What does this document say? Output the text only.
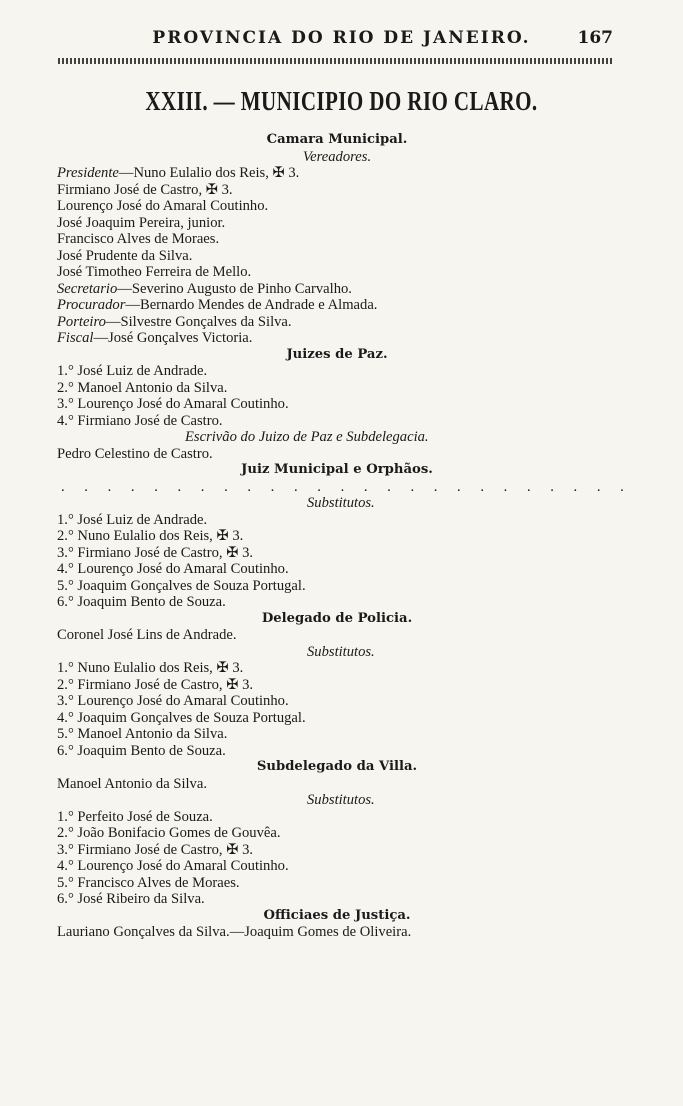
PROVINCIA DO RIO DE JANEIRO.	167
XXIII. — MUNICIPIO DO RIO CLARO.
Camara Municipal.
Vereadores.
Presidente—Nuno Eulalio dos Reis, ✠ 3.
Firmiano José de Castro, ✠ 3.
Lourenço José do Amaral Coutinho.
José Joaquim Pereira, junior.
Francisco Alves de Moraes.
José Prudente da Silva.
José Timotheo Ferreira de Mello.
Secretario—Severino Augusto de Pinho Carvalho.
Procurador—Bernardo Mendes de Andrade e Almada.
Porteiro—Silvestre Gonçalves da Silva.
Fiscal—José Gonçalves Victoria.
Juizes de Paz.
1.° José Luiz de Andrade.
2.° Manoel Antonio da Silva.
3.° Lourenço José do Amaral Coutinho.
4.° Firmiano José de Castro.
Escrivão do Juizo de Paz e Subdelegacia.
Pedro Celestino de Castro.
Juiz Municipal e Orphãos.
. . . . . . . . . . . . . . . . . . . . . . . . .
Substitutos.
1.° José Luiz de Andrade.
2.° Nuno Eulalio dos Reis, ✠ 3.
3.° Firmiano José de Castro, ✠ 3.
4.° Lourenço José do Amaral Coutinho.
5.° Joaquim Gonçalves de Souza Portugal.
6.° Joaquim Bento de Souza.
Delegado de Policia.
Coronel José Lins de Andrade.
Substitutos.
1.° Nuno Eulalio dos Reis, ✠ 3.
2.° Firmiano José de Castro, ✠ 3.
3.° Lourenço José do Amaral Coutinho.
4.° Joaquim Gonçalves de Souza Portugal.
5.° Manoel Antonio da Silva.
6.° Joaquim Bento de Souza.
Subdelegado da Villa.
Manoel Antonio da Silva.
Substitutos.
1.° Perfeito José de Souza.
2.° João Bonifacio Gomes de Gouvêa.
3.° Firmiano José de Castro, ✠ 3.
4.° Lourenço José do Amaral Coutinho.
5.° Francisco Alves de Moraes.
6.° José Ribeiro da Silva.
Officiaes de Justiça.
Lauriano Gonçalves da Silva.—Joaquim Gomes de Oliveira.
